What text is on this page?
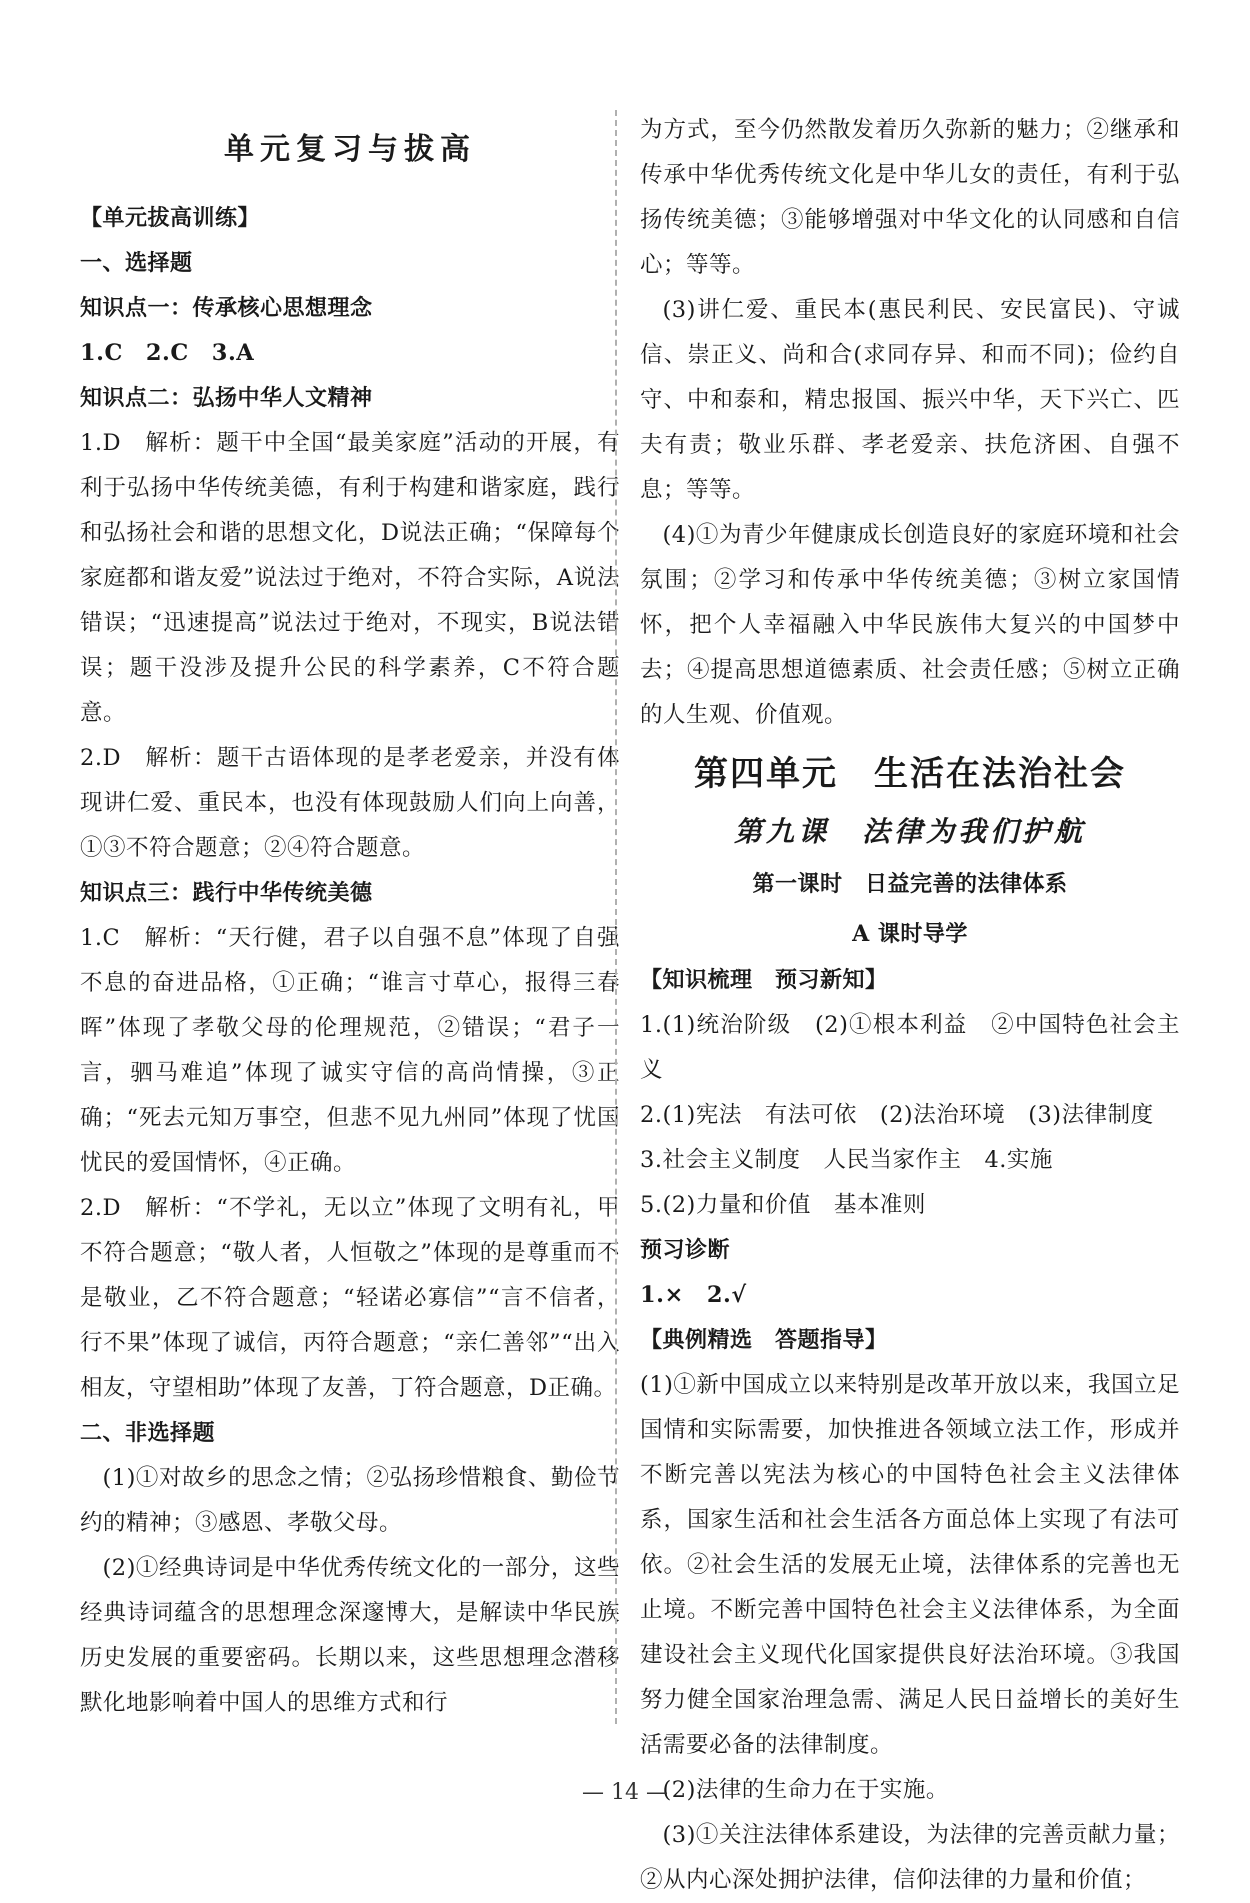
单元复习与拔高

【单元拔高训练】

一、选择题

知识点一：传承核心思想理念

1.C　2.C　3.A

知识点二：弘扬中华人文精神

1.D　解析：题干中全国“最美家庭”活动的开展，有利于弘扬中华传统美德，有利于构建和谐家庭，践行和弘扬社会和谐的思想文化，D说法正确；“保障每个家庭都和谐友爱”说法过于绝对，不符合实际，A说法错误；“迅速提高”说法过于绝对，不现实，B说法错误；题干没涉及提升公民的科学素养，C不符合题意。

2.D　解析：题干古语体现的是孝老爱亲，并没有体现讲仁爱、重民本，也没有体现鼓励人们向上向善，①③不符合题意；②④符合题意。

知识点三：践行中华传统美德

1.C　解析：“天行健，君子以自强不息”体现了自强不息的奋进品格，①正确；“谁言寸草心，报得三春晖”体现了孝敬父母的伦理规范，②错误；“君子一言，驷马难追”体现了诚实守信的高尚情操，③正确；“死去元知万事空，但悲不见九州同”体现了忧国忧民的爱国情怀，④正确。

2.D　解析：“不学礼，无以立”体现了文明有礼，甲不符合题意；“敬人者，人恒敬之”体现的是尊重而不是敬业，乙不符合题意；“轻诺必寡信”“言不信者，行不果”体现了诚信，丙符合题意；“亲仁善邻”“出入相友，守望相助”体现了友善，丁符合题意，D正确。

二、非选择题

(1)①对故乡的思念之情；②弘扬珍惜粮食、勤俭节约的精神；③感恩、孝敬父母。

(2)①经典诗词是中华优秀传统文化的一部分，这些经典诗词蕴含的思想理念深邃博大，是解读中华民族历史发展的重要密码。长期以来，这些思想理念潜移默化地影响着中国人的思维方式和行

为方式，至今仍然散发着历久弥新的魅力；②继承和传承中华优秀传统文化是中华儿女的责任，有利于弘扬传统美德；③能够增强对中华文化的认同感和自信心；等等。

(3)讲仁爱、重民本(惠民利民、安民富民)、守诚信、崇正义、尚和合(求同存异、和而不同)；俭约自守、中和泰和，精忠报国、振兴中华，天下兴亡、匹夫有责；敬业乐群、孝老爱亲、扶危济困、自强不息；等等。

(4)①为青少年健康成长创造良好的家庭环境和社会氛围；②学习和传承中华传统美德；③树立家国情怀，把个人幸福融入中华民族伟大复兴的中国梦中去；④提高思想道德素质、社会责任感；⑤树立正确的人生观、价值观。

第四单元　生活在法治社会
第九课　法律为我们护航
第一课时　日益完善的法律体系
A 课时导学

【知识梳理　预习新知】

1.(1)统治阶级　(2)①根本利益　②中国特色社会主义

2.(1)宪法　有法可依　(2)法治环境　(3)法律制度

3.社会主义制度　人民当家作主　4.实施

5.(2)力量和价值　基本准则

预习诊断

1.×　2.√

【典例精选　答题指导】

(1)①新中国成立以来特别是改革开放以来，我国立足国情和实际需要，加快推进各领域立法工作，形成并不断完善以宪法为核心的中国特色社会主义法律体系，国家生活和社会生活各方面总体上实现了有法可依。②社会生活的发展无止境，法律体系的完善也无止境。不断完善中国特色社会主义法律体系，为全面建设社会主义现代化国家提供良好法治环境。③我国努力健全国家治理急需、满足人民日益增长的美好生活需要必备的法律制度。

(2)法律的生命力在于实施。

(3)①关注法律体系建设，为法律的完善贡献力量；②从内心深处拥护法律，信仰法律的力量和价值；

— 14 —
